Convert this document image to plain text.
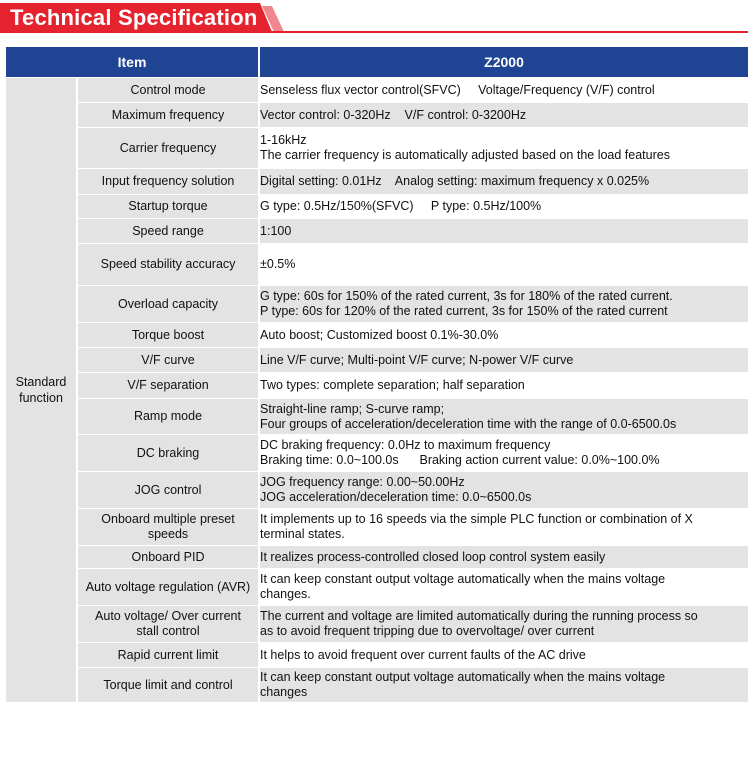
Technical Specification
Item		Z2000

Standard
function	Control mode	Senseless flux vector control(SFVC)     Voltage/Frequency (V/F) control

	Maximum frequency	Vector control: 0-320Hz    V/F control: 0-3200Hz

	Carrier frequency	1-16kHz
The carrier frequency is automatically adjusted based on the load features

	Input frequency solution	Digital setting: 0.01Hz    Analog setting: maximum frequency x 0.025%

	Startup torque	G type: 0.5Hz/150%(SFVC)     P type: 0.5Hz/100%

	Speed range	1:100

	Speed stability accuracy	±0.5%

	Overload capacity	G type: 60s for 150% of the rated current, 3s for 180% of the rated current.
P type: 60s for 120% of the rated current, 3s for 150% of the rated current

	Torque boost	Auto boost; Customized boost 0.1%-30.0%

	V/F curve	Line V/F curve; Multi-point V/F curve; N-power V/F curve

	V/F separation	Two types: complete separation; half separation

	Ramp mode	Straight-line ramp; S-curve ramp;
Four groups of acceleration/deceleration time with the range of 0.0-6500.0s

	DC braking	DC braking frequency: 0.0Hz to maximum frequency
Braking time: 0.0~100.0s      Braking action current value: 0.0%~100.0%

	JOG control	JOG frequency range: 0.00~50.00Hz
JOG acceleration/deceleration time: 0.0~6500.0s

	Onboard multiple preset
speeds	It implements up to 16 speeds via the simple PLC function or combination of X
terminal states.

	Onboard PID	It realizes process-controlled closed loop control system easily

	Auto voltage regulation (AVR)	It can keep constant output voltage automatically when the mains voltage
changes.

	Auto voltage/ Over current
stall control	The current and voltage are limited automatically during the running process so
as to avoid frequent tripping due to overvoltage/ over current

	Rapid current limit	It helps to avoid frequent over current faults of the AC drive

	Torque limit and control	It can keep constant output voltage automatically when the mains voltage
changes
